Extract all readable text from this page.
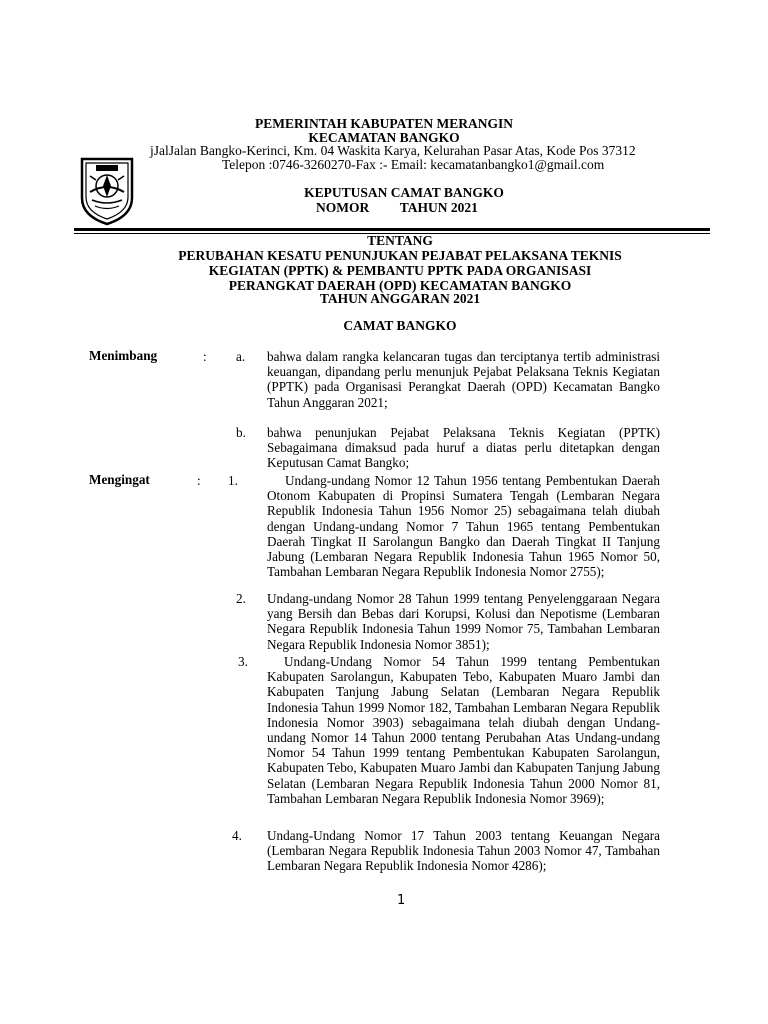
PEMERINTAH KABUPATEN MERANGIN
KECAMATAN BANGKO
jJalJalan Bangko-Kerinci, Km. 04 Waskita Karya, Kelurahan Pasar Atas, Kode Pos 37312
Telepon :0746-3260270-Fax :- Email: kecamatanbangko1@gmail.com
KEPUTUSAN CAMAT BANGKO
NOMOR TAHUN 2021
TENTANG
PERUBAHAN KESATU PENUNJUKAN PEJABAT PELAKSANA TEKNIS
KEGIATAN (PPTK) & PEMBANTU PPTK PADA ORGANISASI
PERANGKAT DAERAH (OPD) KECAMATAN BANGKO
TAHUN ANGGARAN 2021
CAMAT BANGKO
Menimbang	: a. bahwa dalam rangka kelancaran tugas dan terciptanya tertib administrasi keuangan, dipandang perlu menunjuk Pejabat Pelaksana Teknis Kegiatan (PPTK) pada Organisasi Perangkat Daerah (OPD) Kecamatan Bangko Tahun Anggaran 2021;
b. bahwa penunjukan Pejabat Pelaksana Teknis Kegiatan (PPTK) Sebagaimana dimaksud pada huruf a diatas perlu ditetapkan dengan Keputusan Camat Bangko;
Mengingat	: 1.	Undang-undang Nomor 12 Tahun 1956 tentang Pembentukan Daerah Otonom Kabupaten di Propinsi Sumatera Tengah (Lembaran Negara Republik Indonesia Tahun 1956 Nomor 25) sebagaimana telah diubah dengan Undang-undang Nomor 7 Tahun 1965 tentang Pembentukan Daerah Tingkat II Sarolangun Bangko dan Daerah Tingkat II Tanjung Jabung (Lembaran Negara Republik Indonesia Tahun 1965 Nomor 50, Tambahan Lembaran Negara Republik Indonesia Nomor 2755);
2. Undang-undang Nomor 28 Tahun 1999 tentang Penyelenggaraan Negara yang Bersih dan Bebas dari Korupsi, Kolusi dan Nepotisme (Lembaran Negara Republik Indonesia Tahun 1999 Nomor 75, Tambahan Lembaran Negara Republik Indonesia Nomor 3851);
3.	Undang-Undang Nomor 54 Tahun 1999 tentang Pembentukan Kabupaten Sarolangun, Kabupaten Tebo, Kabupaten Muaro Jambi dan Kabupaten Tanjung Jabung Selatan (Lembaran Negara Republik Indonesia Tahun 1999 Nomor 182, Tambahan Lembaran Negara Republik Indonesia Nomor 3903) sebagaimana telah diubah dengan Undang-undang Nomor 14 Tahun 2000 tentang Perubahan Atas Undang-undang Nomor 54 Tahun 1999 tentang Pembentukan Kabupaten Sarolangun, Kabupaten Tebo, Kabupaten Muaro Jambi dan Kabupaten Tanjung Jabung Selatan (Lembaran Negara Republik Indonesia Tahun 2000 Nomor 81, Tambahan Lembaran Negara Republik Indonesia Nomor 3969);
4. Undang-Undang Nomor 17 Tahun 2003 tentang Keuangan Negara (Lembaran Negara Republik Indonesia Tahun 2003 Nomor 47, Tambahan Lembaran Negara Republik Indonesia Nomor 4286);
1
